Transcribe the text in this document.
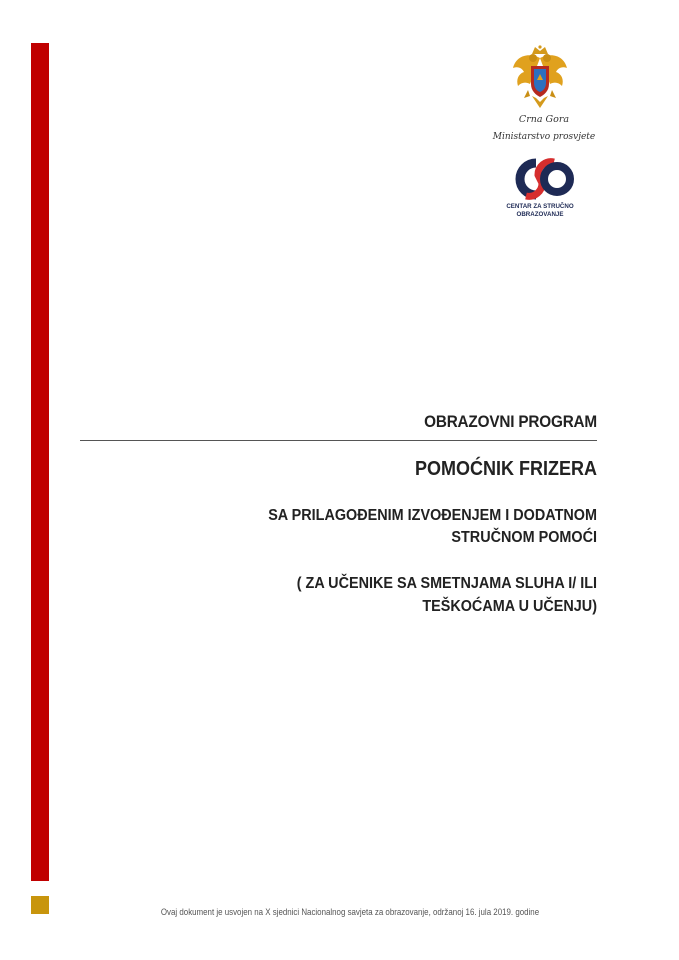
Crna Gora
Ministarstvo prosvjete
CENTAR ZA STRUČNO
OBRAZOVANJE
OBRAZOVNI PROGRAM
POMOĆNIK FRIZERA
SA PRILAGOĐENIM IZVOĐENJEM I DODATNOM
STRUČNOM POMOĆI
( ZA UČENIKE SA SMETNJAMA SLUHA I/ ILI
TEŠKOĆAMA U UČENJU)
Ovaj dokument je usvojen na X sjednici Nacionalnog savjeta za obrazovanje, održanoj 16. jula 2019. godine
